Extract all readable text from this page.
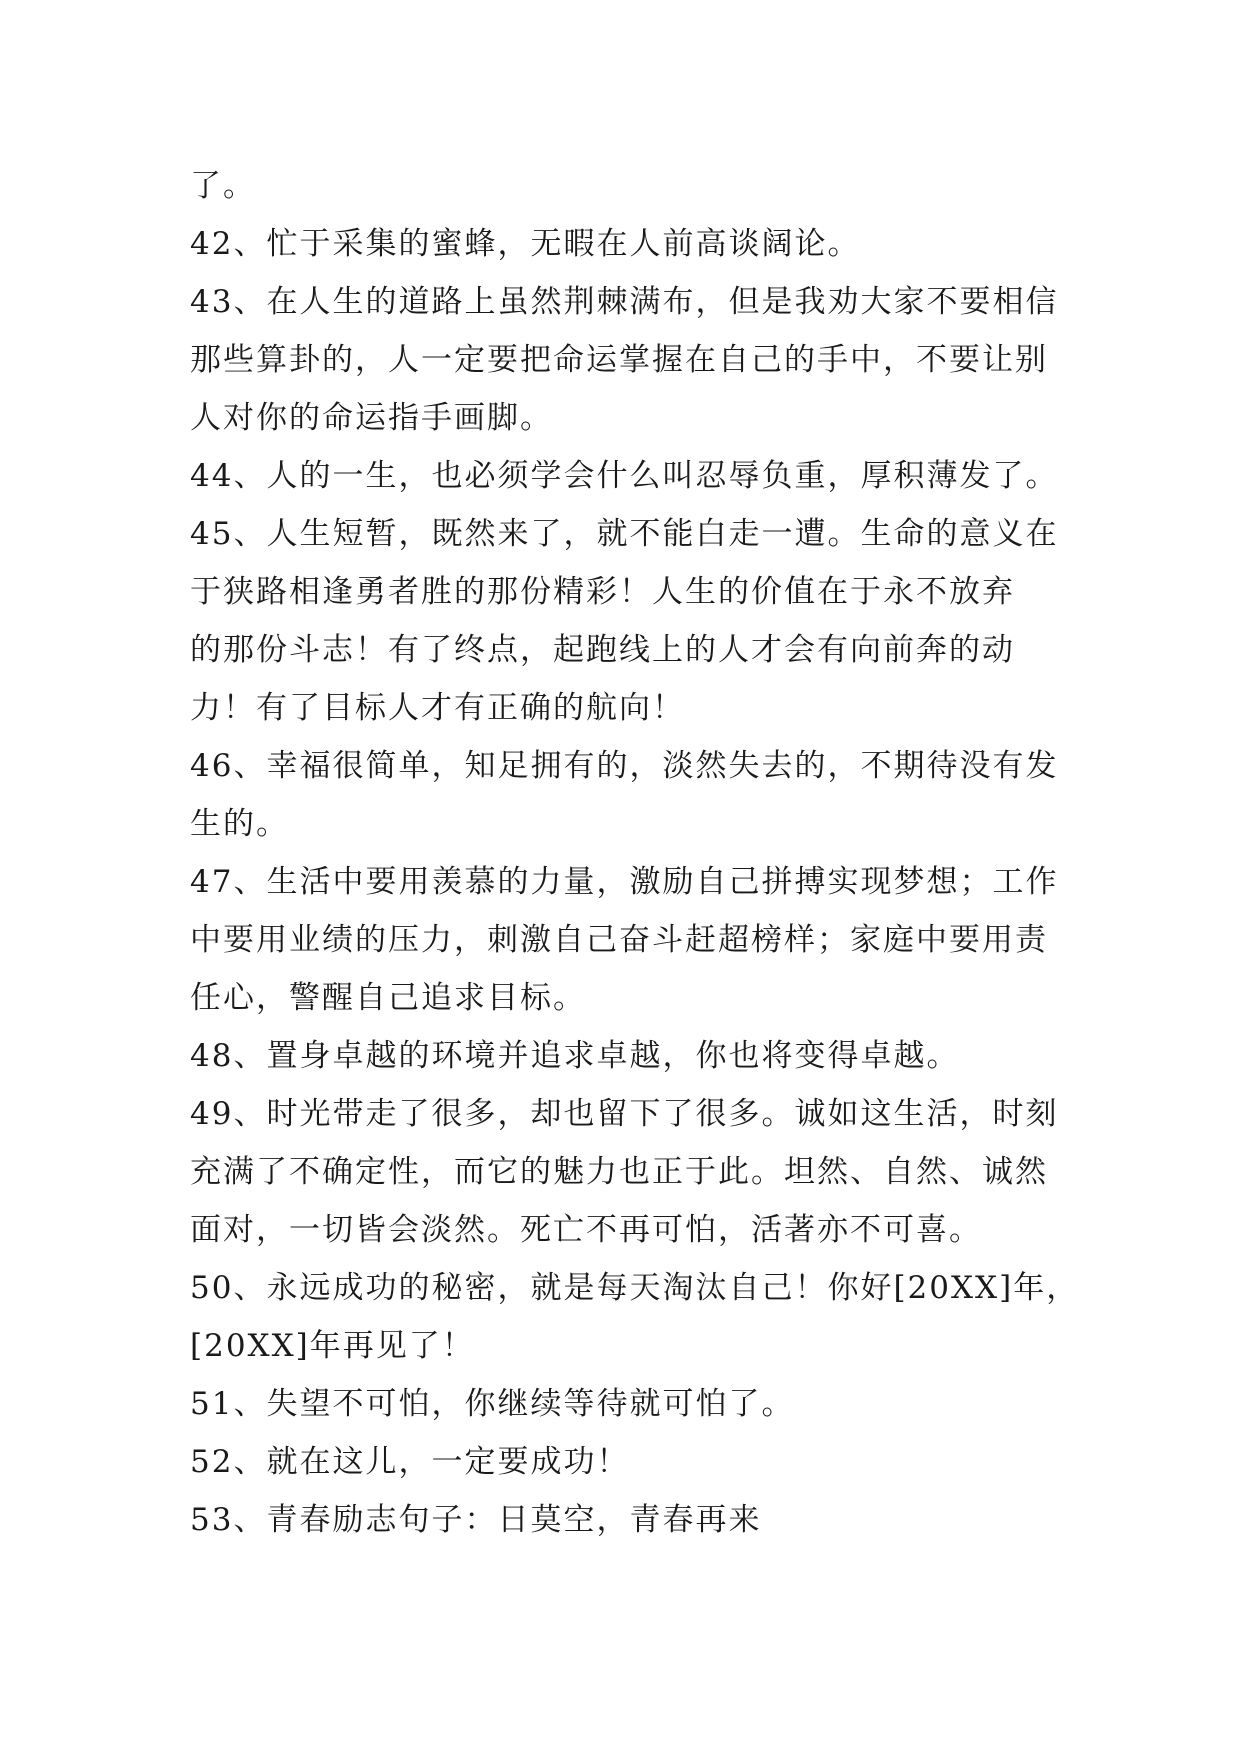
了。

42、忙于采集的蜜蜂，无暇在人前高谈阔论。

43、在人生的道路上虽然荆棘满布，但是我劝大家不要相信
那些算卦的，人一定要把命运掌握在自己的手中，不要让别
人对你的命运指手画脚。

44、人的一生，也必须学会什么叫忍辱负重，厚积薄发了。

45、人生短暂，既然来了，就不能白走一遭。生命的意义在
于狭路相逢勇者胜的那份精彩！人生的价值在于永不放弃
的那份斗志！有了终点，起跑线上的人才会有向前奔的动
力！有了目标人才有正确的航向！

46、幸福很简单，知足拥有的，淡然失去的，不期待没有发
生的。

47、生活中要用羡慕的力量，激励自己拼搏实现梦想；工作
中要用业绩的压力，刺激自己奋斗赶超榜样；家庭中要用责
任心，警醒自己追求目标。

48、置身卓越的环境并追求卓越，你也将变得卓越。

49、时光带走了很多，却也留下了很多。诚如这生活，时刻
充满了不确定性，而它的魅力也正于此。坦然、自然、诚然
面对，一切皆会淡然。死亡不再可怕，活著亦不可喜。

50、永远成功的秘密，就是每天淘汰自己！你好[20XX]年，
[20XX]年再见了！

51、失望不可怕，你继续等待就可怕了。

52、就在这儿，一定要成功！

53、青春励志句子：日莫空，青春再来
